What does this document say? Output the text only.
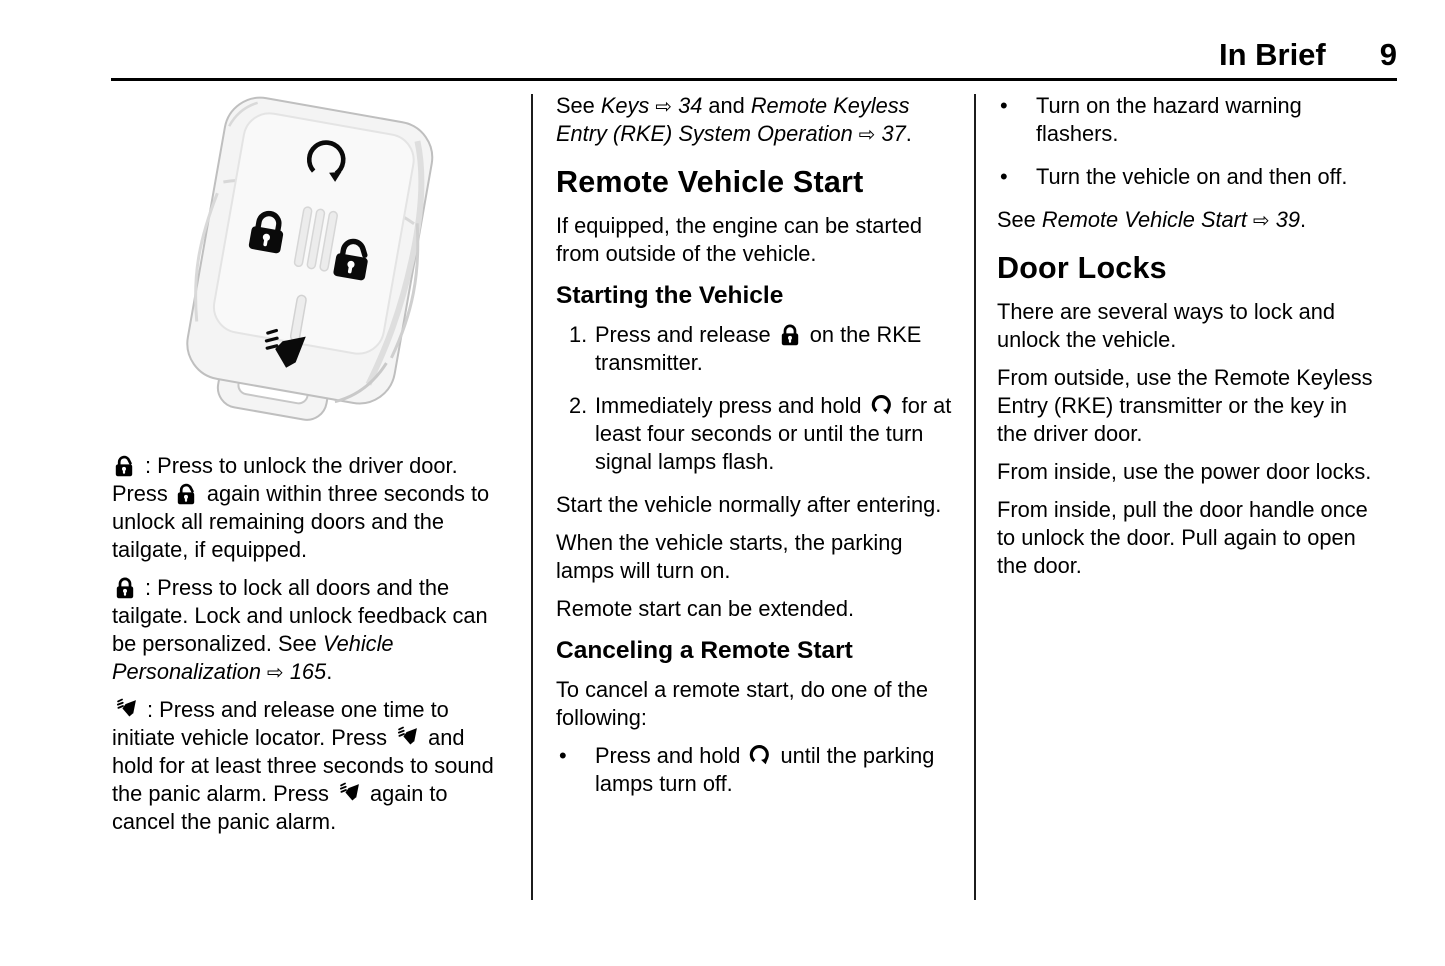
In Brief 9

: Press to unlock the driver door. Press  again within three seconds to unlock all remaining doors and the tailgate, if equipped.

: Press to lock all doors and the tailgate. Lock and unlock feedback can be personalized. See Vehicle Personalization ⇨ 165.

: Press and release one time to initiate vehicle locator. Press  and hold for at least three seconds to sound the panic alarm. Press  again to cancel the panic alarm.

See Keys ⇨ 34 and Remote Keyless Entry (RKE) System Operation ⇨ 37.

Remote Vehicle Start

If equipped, the engine can be started from outside of the vehicle.

Starting the Vehicle
1. Press and release  on the RKE transmitter.
2. Immediately press and hold  for at least four seconds or until the turn signal lamps flash.

Start the vehicle normally after entering.

When the vehicle starts, the parking lamps will turn on.

Remote start can be extended.

Canceling a Remote Start

To cancel a remote start, do one of the following:

•	Press and hold  until the parking lamps turn off.
•	Turn on the hazard warning flashers.
•	Turn the vehicle on and then off.

See Remote Vehicle Start ⇨ 39.

Door Locks

There are several ways to lock and unlock the vehicle.

From outside, use the Remote Keyless Entry (RKE) transmitter or the key in the driver door.

From inside, use the power door locks.

From inside, pull the door handle once to unlock the door. Pull again to open the door.
